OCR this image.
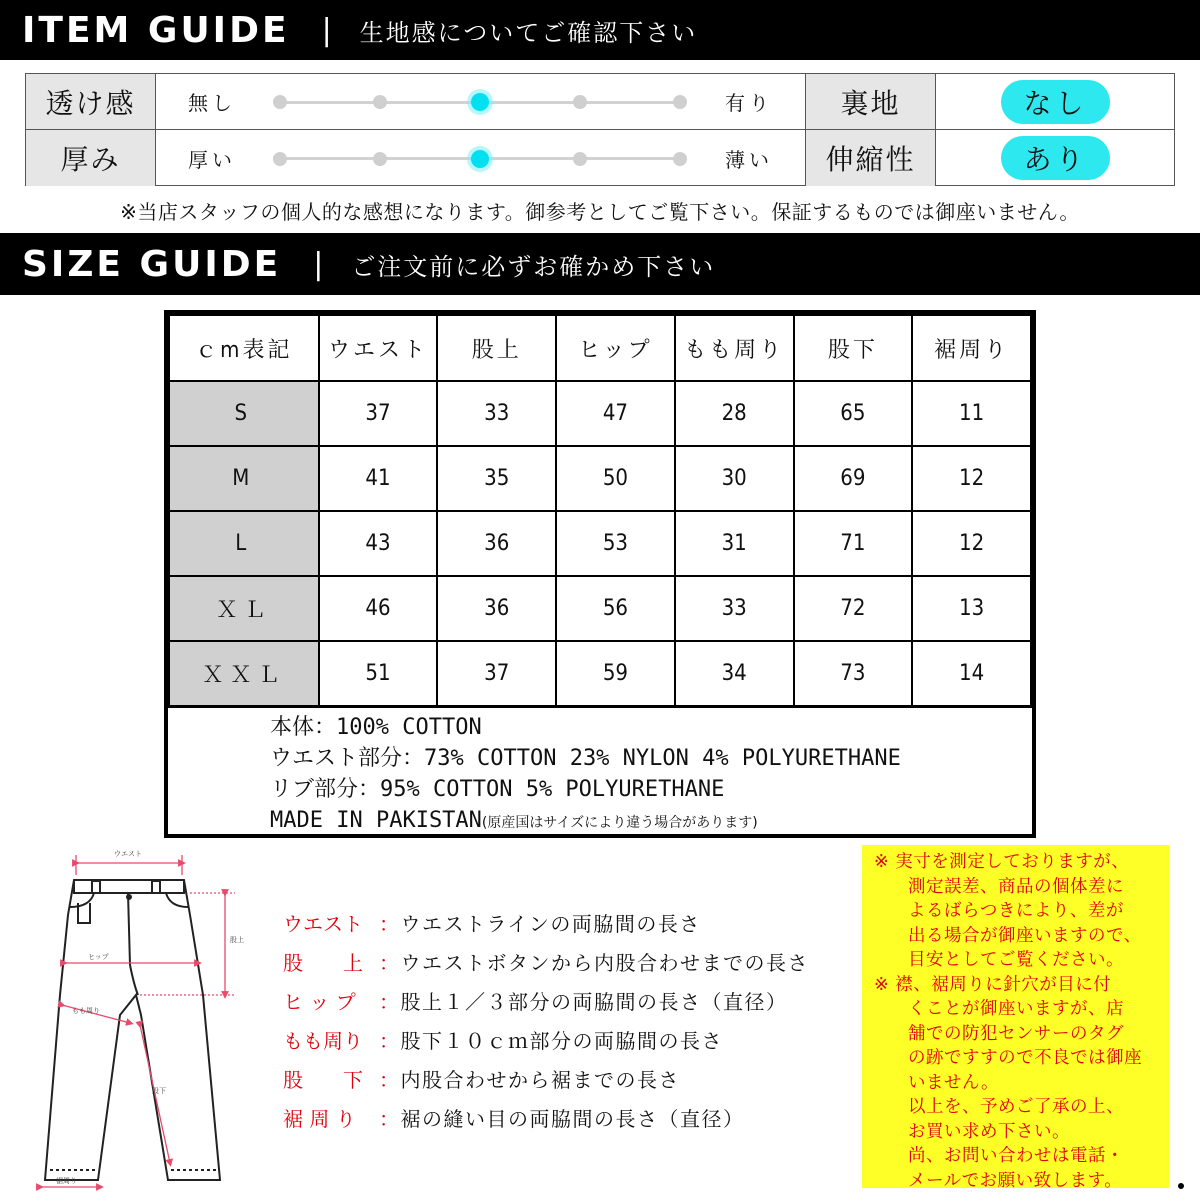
ITEM GUIDE | 生地感についてご確認下さい
透け感	無し	有り	裏地	なし
厚み	厚い	薄い	伸縮性	あり
※当店スタッフの個人的な感想になります。御参考としてご覧下さい。保証するものでは御座いません。
SIZE GUIDE | ご注文前に必ずお確かめ下さい
ｃm表記	ウエスト	股上	ヒップ	もも周り	股下	裾周り
S	37	33	47	28	65	11
M	41	35	50	30	69	12
L	43	36	53	31	71	12
ＸＬ	46	36	56	33	72	13
ＸＸＬ	51	37	59	34	73	14
本体：100% COTTON
ウエスト部分：73% COTTON 23% NYLON 4% POLYURETHANE
リブ部分：95% COTTON 5% POLYURETHANE
MADE IN PAKISTAN(原産国はサイズにより違う場合があります)
ウエスト
股上
ヒップ
もも周り
股下
裾周り
ウエスト ： ウエストラインの両脇間の長さ
股　　上 ： ウエストボタンから内股合わせまでの長さ
ヒ ッ プ	： 股上１／３部分の両脇間の長さ（直径）
もも周り ： 股下１０ｃｍ部分の両脇間の長さ
股　　下 ： 内股合わせから裾までの長さ
裾 周 り	： 裾の縫い目の両脇間の長さ（直径）
※ 実寸を測定しておりますが、
測定誤差、商品の個体差に
よるばらつきにより、差が
出る場合が御座いますので、
目安としてご覧ください。
※ 襟、裾周りに針穴が目に付
くことが御座いますが、店
舗での防犯センサーのタグ
の跡ですすので不良では御座
いません。
以上を、予めご了承の上、
お買い求め下さい。
尚、お問い合わせは電話・
メールでお願い致します。
